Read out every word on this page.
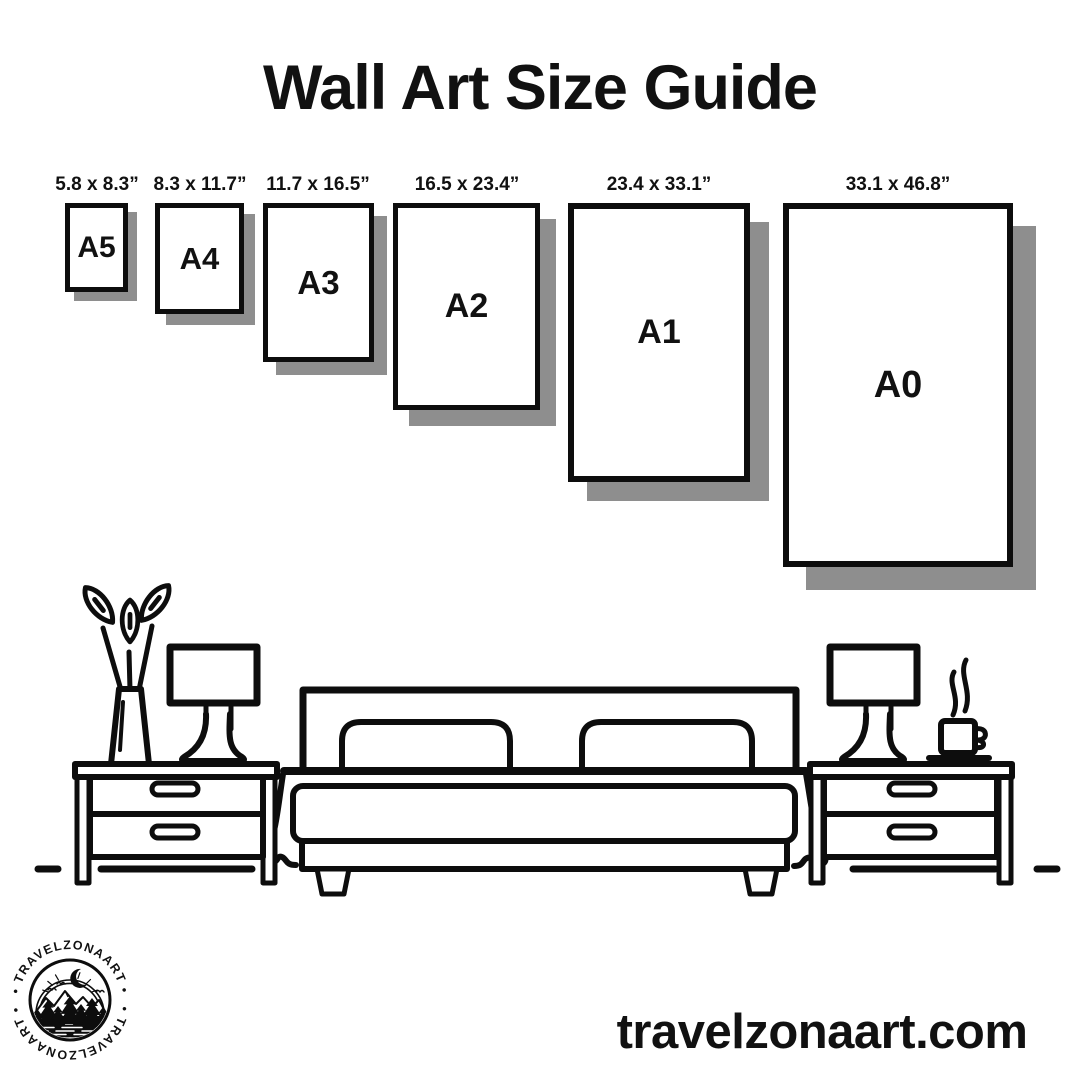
Wall Art Size Guide
5.8 x 8.3” 8.3 x 11.7” 11.7 x 16.5” 16.5 x 23.4”	23.4 x 33.1”	33.1 x 46.8”
A5 A4
A3
A2
A1
A0
• TRAVELZONAART •
• TRAVELZONAART •	travelzonaart.com
